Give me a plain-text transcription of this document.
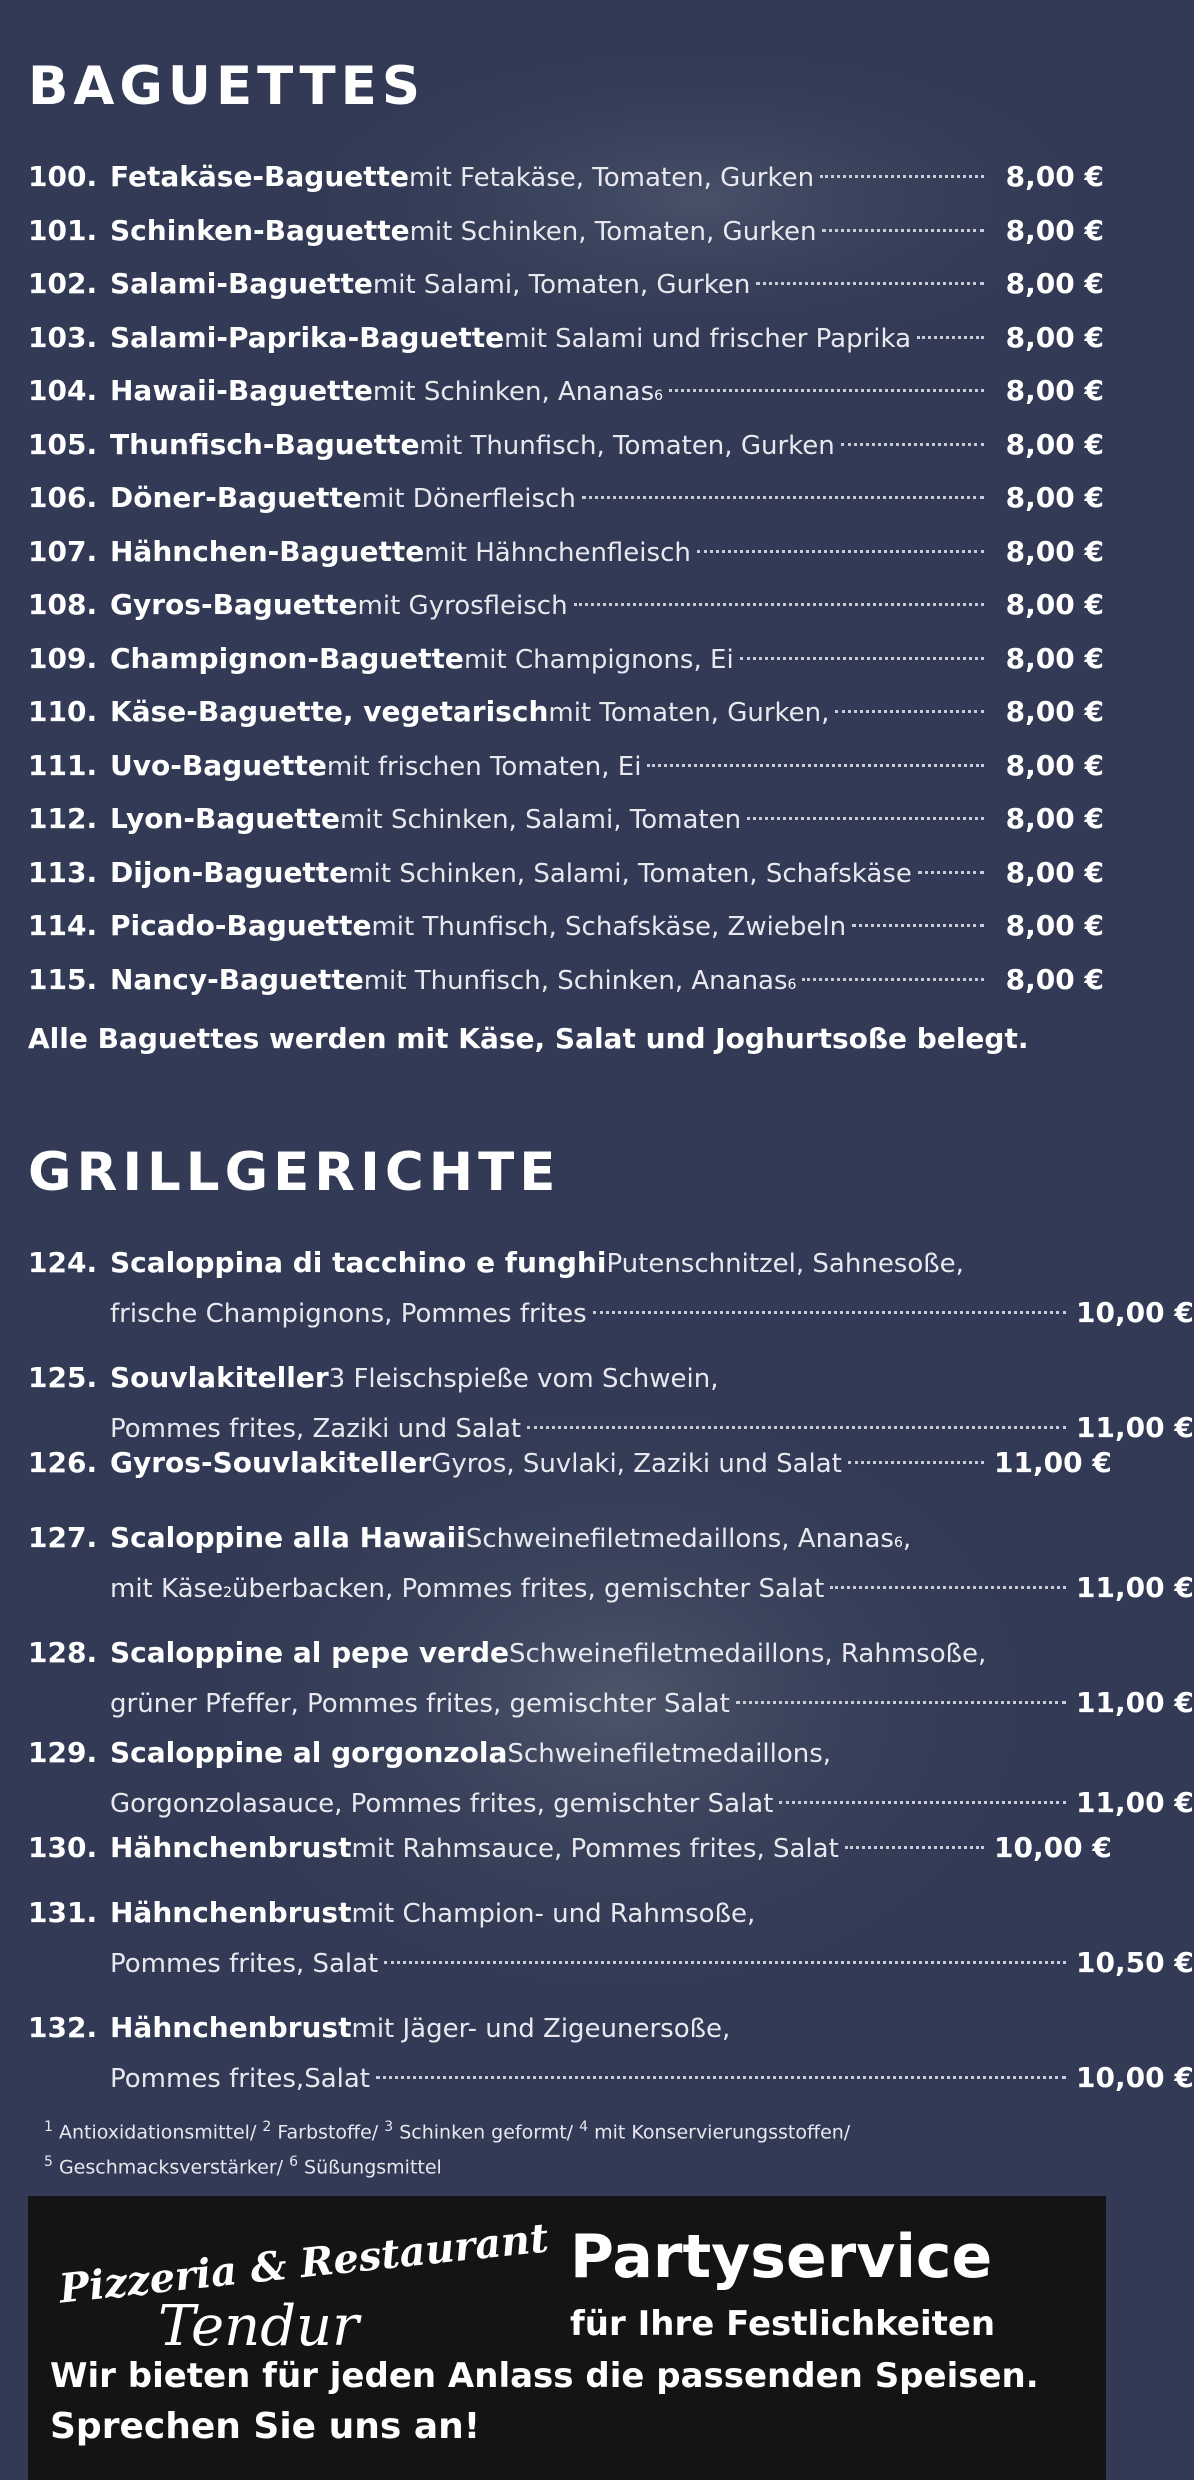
BAGUETTES
100. Fetakäse-Baguette mit Fetakäse, Tomaten, Gurken	8,00 €
101. Schinken-Baguette mit Schinken, Tomaten, Gurken	8,00 €
102. Salami-Baguette mit Salami, Tomaten, Gurken	8,00 €
103. Salami-Paprika-Baguette mit Salami und frischer Paprika	8,00 €
104. Hawaii-Baguette mit Schinken, Ananas 6	8,00 €
105. Thunfisch-Baguette mit Thunfisch, Tomaten, Gurken	8,00 €
106. Döner-Baguette mit Dönerfleisch	8,00 €
107. Hähnchen-Baguette mit Hähnchenfleisch	8,00 €
108. Gyros-Baguette mit Gyrosfleisch	8,00 €
109. Champignon-Baguette mit Champignons, Ei	8,00 €
110. Käse-Baguette, vegetarisch mit Tomaten, Gurken,	8,00 €
111. Uvo-Baguette mit frischen Tomaten, Ei	8,00 €
112. Lyon-Baguette mit Schinken, Salami, Tomaten	8,00 €
113. Dijon-Baguette mit Schinken, Salami, Tomaten, Schafskäse	8,00 €
114. Picado-Baguette mit Thunfisch, Schafskäse, Zwiebeln	8,00 €
115. Nancy-Baguette mit Thunfisch, Schinken, Ananas 6	8,00 €
Alle Baguettes werden mit Käse, Salat und Joghurtsoße belegt.
GRILLGERICHTE
124. Scaloppina di tacchino e funghi Putenschnitzel, Sahnesoße,
frische Champignons, Pommes frites	10,00 €
125. Souvlakiteller 3 Fleischspieße vom Schwein,
Pommes frites, Zaziki und Salat	11,00 €
126. Gyros-Souvlakiteller Gyros, Suvlaki, Zaziki und Salat	11,00 €
127. Scaloppine alla Hawaii Schweinefiletmedaillons, Ananas 6 ,
mit Käse 2 überbacken, Pommes frites, gemischter Salat	11,00 €
128. Scaloppine al pepe verde Schweinefiletmedaillons, Rahmsoße,
grüner Pfeffer, Pommes frites, gemischter Salat	11,00 €
129. Scaloppine al gorgonzola Schweinefiletmedaillons,
Gorgonzolasauce, Pommes frites, gemischter Salat	11,00 €
130. Hähnchenbrust mit Rahmsauce, Pommes frites, Salat	10,00 €
131. Hähnchenbrust mit Champion- und Rahmsoße,
Pommes frites, Salat	10,50 €
132. Hähnchenbrust mit Jäger- und Zigeunersoße,
Pommes frites,Salat	10,00 €
$^1$ Antioxidationsmittel/ $^2$ Farbstoffe/ $^3$ Schinken geformt/ $^4$ mit Konservierungsstoffen/
$^5$ Geschmacksverstärker/ $^6$ Süßungsmittel
Pizzeria & Restaurant
Tendur
Partyservice
für Ihre Festlichkeiten
Wir bieten für jeden Anlass die passenden Speisen.
Sprechen Sie uns an!
